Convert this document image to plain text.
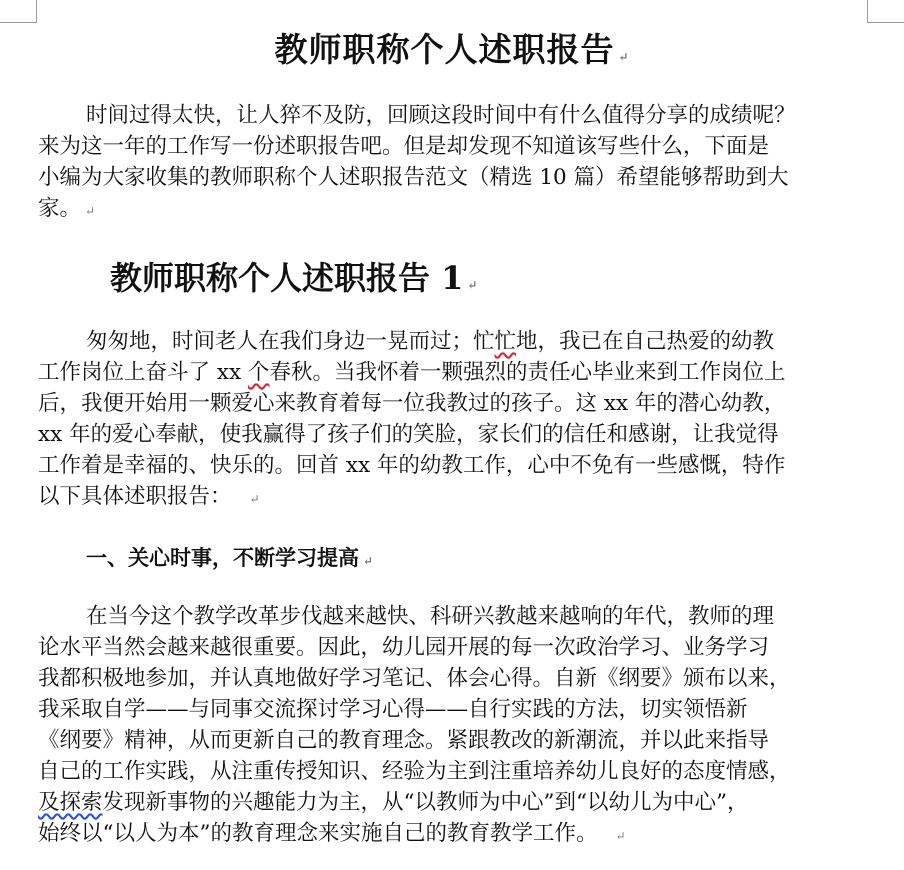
教师职称个人述职报告 ↵
时间过得太快，让人猝不及防，回顾这段时间中有什么值得分享的成绩呢？
来为这一年的工作写一份述职报告吧。但是却发现不知道该写些什么，下面是
小编为大家收集的教师职称个人述职报告范文（精选 10 篇）希望能够帮助到大
家。 ↵
教师职称个人述职报告 1 ↵
匆匆地，时间老人在我们身边一晃而过；忙忙地，我已在自己热爱的幼教
工作岗位上奋斗了 xx 个春秋。当我怀着一颗强烈的责任心毕业来到工作岗位上
后，我便开始用一颗爱心来教育着每一位我教过的孩子。这 xx 年的潜心幼教，
xx 年的爱心奉献，使我赢得了孩子们的笑脸，家长们的信任和感谢，让我觉得
工作着是幸福的、快乐的。回首 xx 年的幼教工作，心中不免有一些感慨，特作
以下具体述职报告： ↵
一、关心时事，不断学习提高 ↵
在当今这个教学改革步伐越来越快、科研兴教越来越响的年代，教师的理
论水平当然会越来越很重要。因此，幼儿园开展的每一次政治学习、业务学习
我都积极地参加，并认真地做好学习笔记、体会心得。自新《纲要》颁布以来，
我采取自学——与同事交流探讨学习心得——自行实践的方法，切实领悟新
《纲要》精神，从而更新自己的教育理念。紧跟教改的新潮流，并以此来指导
自己的工作实践，从注重传授知识、经验为主到注重培养幼儿良好的态度情感，
及探索发现新事物的兴趣能力为主，从“以教师为中心”到“以幼儿为中心”，
始终以“以人为本”的教育理念来实施自己的教育教学工作。 ↵
